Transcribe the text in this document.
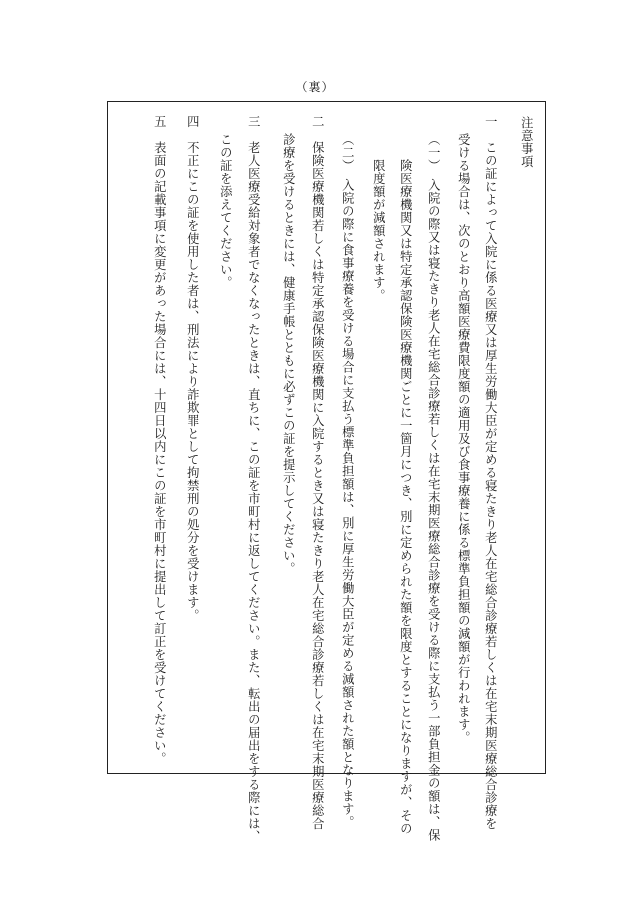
（裏）
注意事項
一　この証によって入院に係る医療又は厚生労働大臣が定める寝たきり老人在宅総合診療若しくは在宅末期医療総合診療を
受ける場合は、次のとおり高額医療費限度額の適用及び食事療養に係る標準負担額の減額が行われます。
（一）　入院の際又は寝たきり老人在宅総合診療若しくは在宅末期医療総合診療を受ける際に支払う一部負担金の額は、保
険医療機関又は特定承認保険医療機関ごとに一箇月につき、別に定められた額を限度とすることになりますが、その
限度額が減額されます。
（二）　入院の際に食事療養を受ける場合に支払う標準負担額は、別に厚生労働大臣が定める減額された額となります。
二　保険医療機関若しくは特定承認保険医療機関に入院するとき又は寝たきり老人在宅総合診療若しくは在宅末期医療総合
診療を受けるときには、健康手帳とともに必ずこの証を提示してください。
三　老人医療受給対象者でなくなったときは、直ちに、この証を市町村に返してください。また、転出の届出をする際には、
この証を添えてください。
四　不正にこの証を使用した者は、刑法により詐欺罪として拘禁刑の処分を受けます。
五　表面の記載事項に変更があった場合には、十四日以内にこの証を市町村に提出して訂正を受けてください。
